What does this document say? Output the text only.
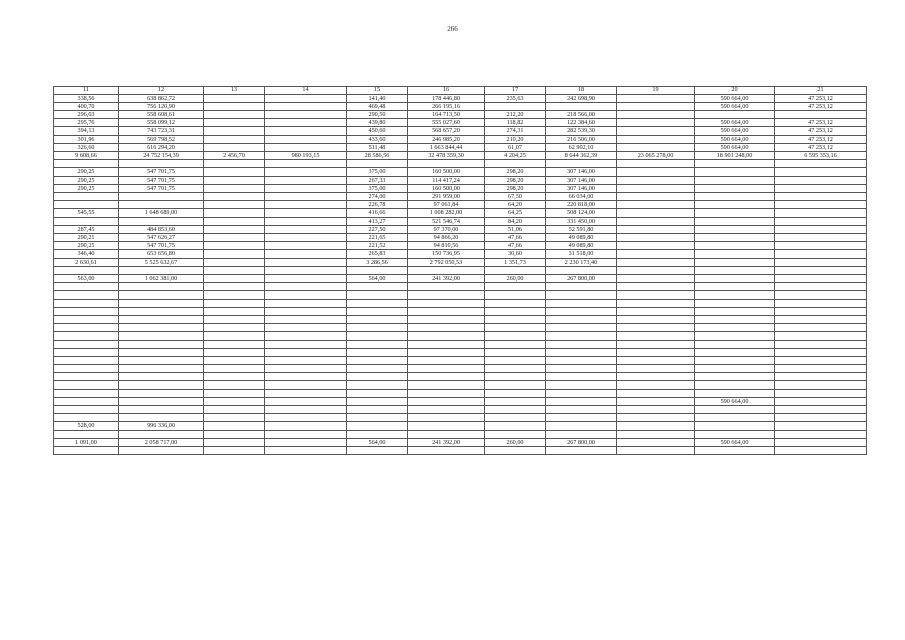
266
11	12	13	14	15	16	17	18	19	20	21
338,56	638 862,72			141,40	178 446,80	235,63	242 698,90		590 664,00	47 253,12
400,70	756 120,90			469,48	266 195,16				590 664,00	47 253,12
296,03	558 608,61			290,50	164 713,50	212,20	218 566,00			
295,76	558 099,12			439,80	555 027,60	118,82	122 384,60		590 664,00	47 253,12
394,13	743 723,31			450,60	568 657,20	274,31	282 539,30		590 664,00	47 253,12
301,96	569 798,52			433,60	246 985,20	210,20	216 506,00		590 664,00	47 253,12
326,60	616 294,20			511,48	1 663 844,44	61,07	62 902,10		590 664,00	47 253,12
9 608,66	24 752 154,39	2 456,70	980 193,15	28 586,56	32 478 359,30	4 204,25	8 644 362,39	23 065 278,00	18 901 248,00	6 595 353,16

290,25	547 701,75			375,00	160 500,00	298,20	307 146,00			
290,25	547 701,75			267,33	114 417,24	298,20	307 146,00			
290,25	547 701,75			375,00	160 500,00	298,20	307 146,00			
				274,00	291 959,00	67,50	66 034,00			
				226,78	97 061,84	64,20	220 818,00			
545,55	1 648 689,00			416,66	1 008 282,00	64,25	508 124,00			
				413,27	521 546,74	84,20	331 450,00			
287,45	484 853,60			227,50	97 370,00	51,06	52 591,80			
290,21	547 626,27			221,65	94 866,20	47,66	49 089,80			
290,25	547 701,75			221,52	94 810,56	47,66	49 089,80			
346,40	653 656,80			265,83	150 736,95	30,60	31 518,00			
2 630,61	5 525 632,67			3 286,56	2 792 050,53	1 351,73	2 230 173,40			

563,00	1 062 381,00			564,00	241 392,00	260,00	267 800,00			

									590 664,00	

528,00	996 336,00									

1 091,00	2 058 717,00			564,00	241 392,00	260,00	267 800,00		590 664,00	
